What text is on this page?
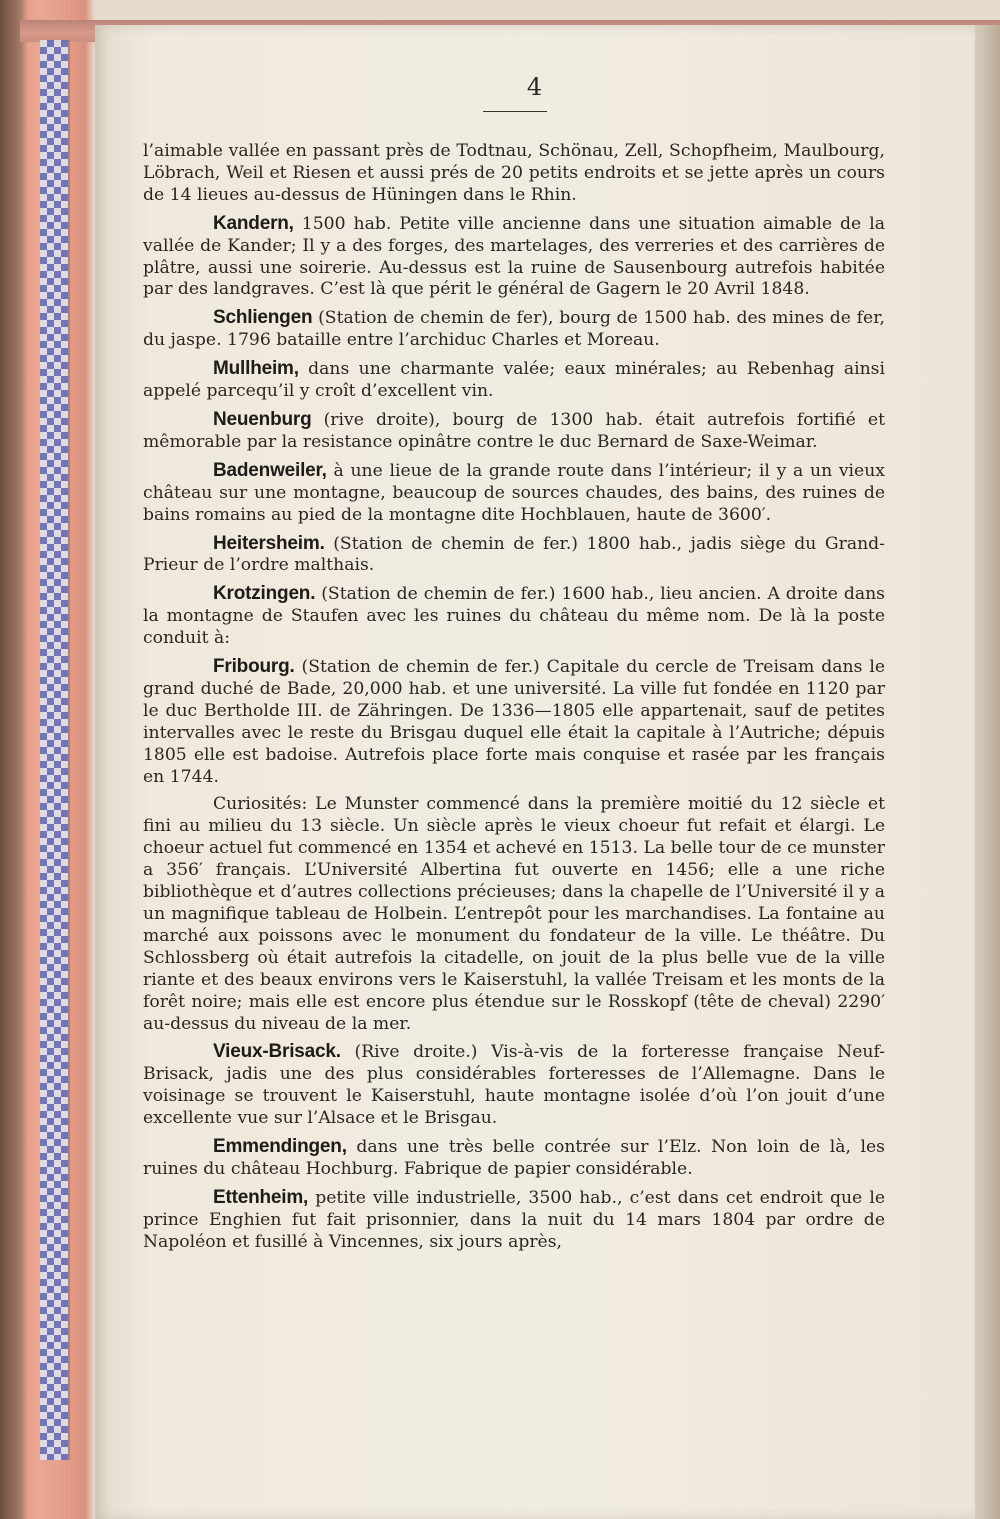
4

l’aimable vallée en passant près de Todtnau, Schönau, Zell, Schopfheim, Maulbourg, Löbrach, Weil et Riesen et aussi prés de 20 petits endroits et se jette après un cours de 14 lieues au-dessus de Hüningen dans le Rhin.

Kandern, 1500 hab. Petite ville ancienne dans une situation aimable de la vallée de Kander; Il y a des forges, des martelages, des verreries et des carrières de plâtre, aussi une soirerie. Au-dessus est la ruine de Sausenbourg autrefois habitée par des landgraves. C’est là que périt le général de Gagern le 20 Avril 1848.

Schliengen (Station de chemin de fer), bourg de 1500 hab. des mines de fer, du jaspe. 1796 bataille entre l’archiduc Charles et Moreau.

Mullheim, dans une charmante valée; eaux minérales; au Rebenhag ainsi appelé parcequ’il y croît d’excellent vin.

Neuenburg (rive droite), bourg de 1300 hab. était autrefois fortifié et mêmorable par la resistance opinâtre contre le duc Bernard de Saxe-Weimar.

Badenweiler, à une lieue de la grande route dans l’intérieur; il y a un vieux château sur une montagne, beaucoup de sources chaudes, des bains, des ruines de bains romains au pied de la montagne dite Hochblauen, haute de 3600′.

Heitersheim. (Station de chemin de fer.) 1800 hab., jadis siège du Grand-Prieur de l’ordre malthais.

Krotzingen. (Station de chemin de fer.) 1600 hab., lieu ancien. A droite dans la montagne de Staufen avec les ruines du château du même nom. De là la poste conduit à:

Fribourg. (Station de chemin de fer.) Capitale du cercle de Treisam dans le grand duché de Bade, 20,000 hab. et une université. La ville fut fondée en 1120 par le duc Bertholde III. de Zähringen. De 1336—1805 elle appartenait, sauf de petites intervalles avec le reste du Brisgau duquel elle était la capitale à l’Autriche; dépuis 1805 elle est badoise. Autrefois place forte mais conquise et rasée par les français en 1744.

Curiosités: Le Munster commencé dans la première moitié du 12 siècle et fini au milieu du 13 siècle. Un siècle après le vieux choeur fut refait et élargi. Le choeur actuel fut commencé en 1354 et achevé en 1513. La belle tour de ce munster a 356′ français. L’Université Albertina fut ouverte en 1456; elle a une riche bibliothèque et d’autres collections précieuses; dans la chapelle de l’Université il y a un magnifique tableau de Holbein. L’entrepôt pour les marchandises. La fontaine au marché aux poissons avec le monument du fondateur de la ville. Le théâtre. Du Schlossberg où était autrefois la citadelle, on jouit de la plus belle vue de la ville riante et des beaux environs vers le Kaiserstuhl, la vallée Treisam et les monts de la forêt noire; mais elle est encore plus étendue sur le Rosskopf (tête de cheval) 2290′ au-dessus du niveau de la mer.

Vieux-Brisack. (Rive droite.) Vis-à-vis de la forteresse française Neuf-Brisack, jadis une des plus considérables forteresses de l’Allemagne. Dans le voisinage se trouvent le Kaiserstuhl, haute montagne isolée d’où l’on jouit d’une excellente vue sur l’Alsace et le Brisgau.

Emmendingen, dans une très belle contrée sur l’Elz. Non loin de là, les ruines du château Hochburg. Fabrique de papier considérable.

Ettenheim, petite ville industrielle, 3500 hab., c’est dans cet endroit que le prince Enghien fut fait prisonnier, dans la nuit du 14 mars 1804 par ordre de Napoléon et fusillé à Vincennes, six jours après,
